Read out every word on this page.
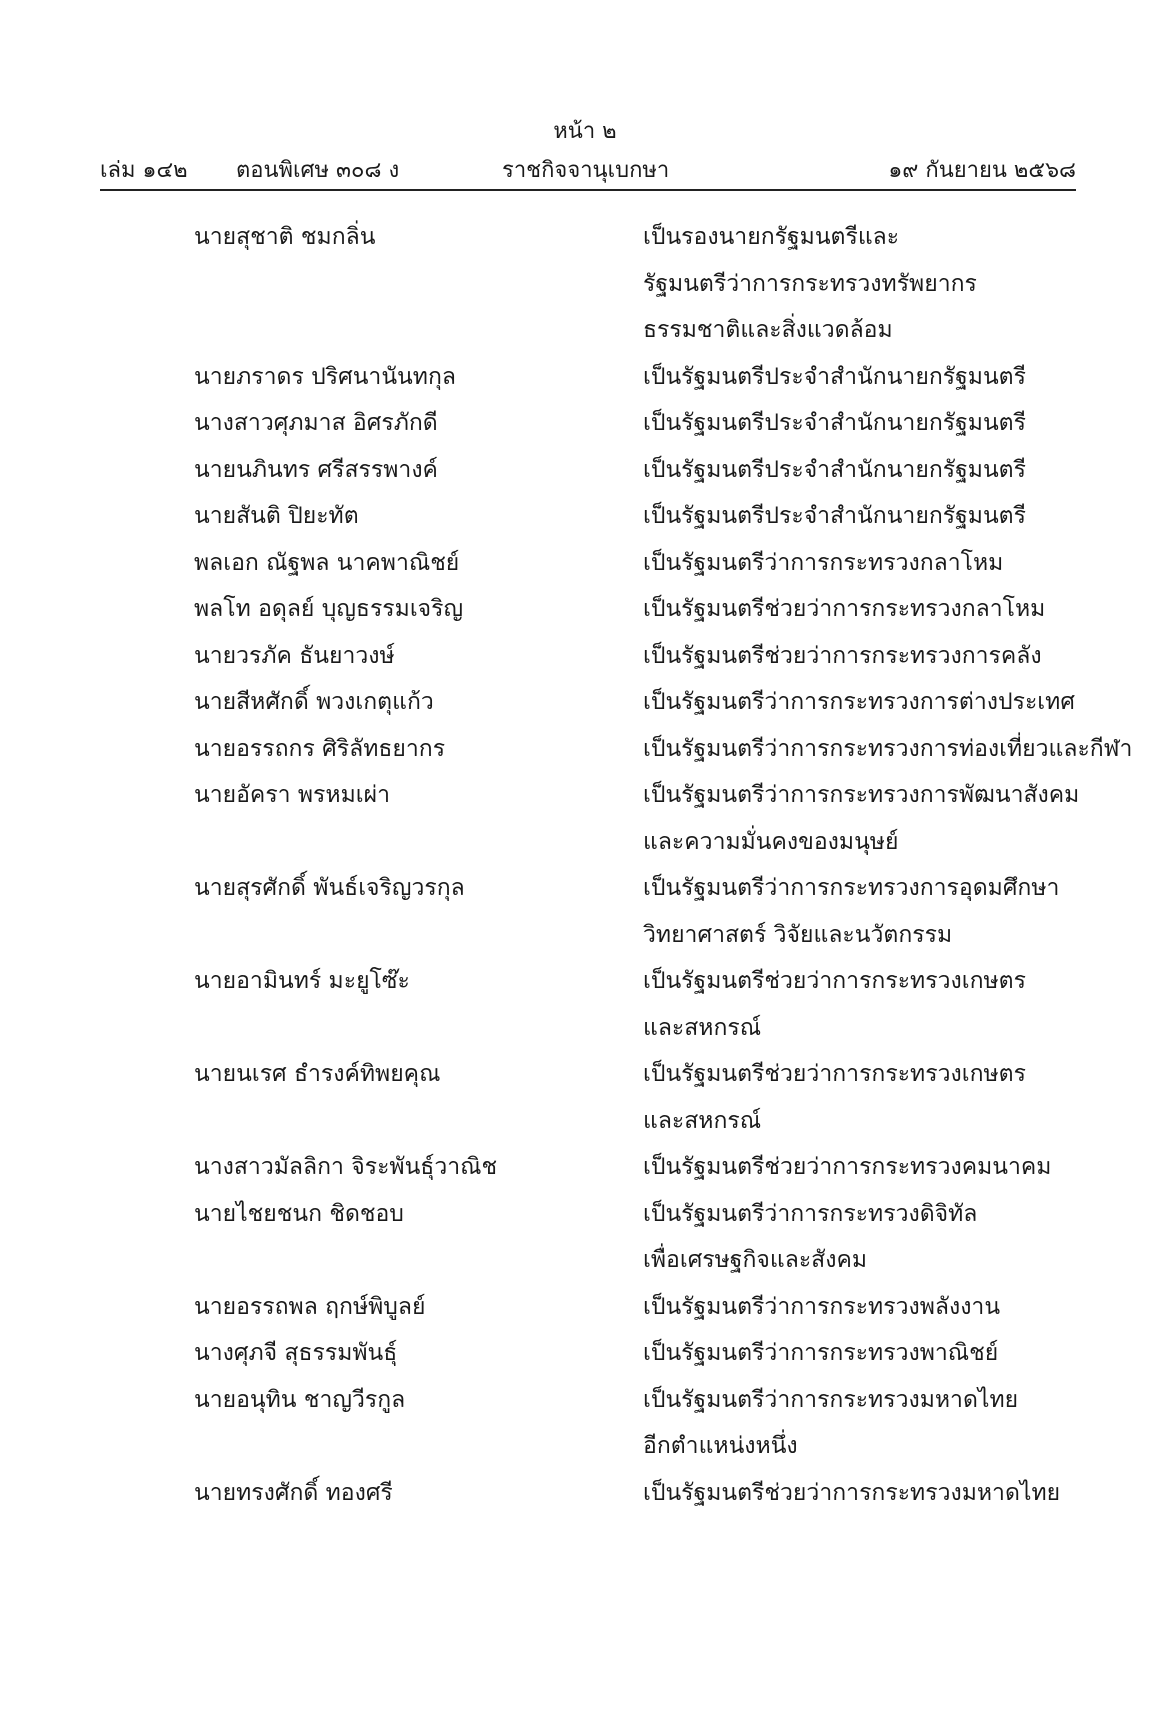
หน้า ๒
เล่ม ๑๔๒ ตอนพิเศษ ๓๐๘ ง	ราชกิจจานุเบกษา	๑๙ กันยายน ๒๕๖๘
นายสุชาติ ชมกลิ่น	เป็นรองนายกรัฐมนตรีและ
รัฐมนตรีว่าการกระทรวงทรัพยากร
ธรรมชาติและสิ่งแวดล้อม
นายภราดร ปริศนานันทกุล	เป็นรัฐมนตรีประจำสำนักนายกรัฐมนตรี
นางสาวศุภมาส อิศรภักดี	เป็นรัฐมนตรีประจำสำนักนายกรัฐมนตรี
นายนภินทร ศรีสรรพางค์	เป็นรัฐมนตรีประจำสำนักนายกรัฐมนตรี
นายสันติ ปิยะทัต	เป็นรัฐมนตรีประจำสำนักนายกรัฐมนตรี
พลเอก ณัฐพล นาคพาณิชย์	เป็นรัฐมนตรีว่าการกระทรวงกลาโหม
พลโท อดุลย์ บุญธรรมเจริญ	เป็นรัฐมนตรีช่วยว่าการกระทรวงกลาโหม
นายวรภัค ธันยาวงษ์	เป็นรัฐมนตรีช่วยว่าการกระทรวงการคลัง
นายสีหศักดิ์ พวงเกตุแก้ว	เป็นรัฐมนตรีว่าการกระทรวงการต่างประเทศ
นายอรรถกร ศิริลัทธยากร	เป็นรัฐมนตรีว่าการกระทรวงการท่องเที่ยวและกีฬา
นายอัครา พรหมเผ่า	เป็นรัฐมนตรีว่าการกระทรวงการพัฒนาสังคม
และความมั่นคงของมนุษย์
นายสุรศักดิ์ พันธ์เจริญวรกุล	เป็นรัฐมนตรีว่าการกระทรวงการอุดมศึกษา
วิทยาศาสตร์ วิจัยและนวัตกรรม
นายอามินทร์ มะยูโซ๊ะ	เป็นรัฐมนตรีช่วยว่าการกระทรวงเกษตร
และสหกรณ์
นายนเรศ ธำรงค์ทิพยคุณ	เป็นรัฐมนตรีช่วยว่าการกระทรวงเกษตร
และสหกรณ์
นางสาวมัลลิกา จิระพันธุ์วาณิช	เป็นรัฐมนตรีช่วยว่าการกระทรวงคมนาคม
นายไชยชนก ชิดชอบ	เป็นรัฐมนตรีว่าการกระทรวงดิจิทัล
เพื่อเศรษฐกิจและสังคม
นายอรรถพล ฤกษ์พิบูลย์	เป็นรัฐมนตรีว่าการกระทรวงพลังงาน
นางศุภจี สุธรรมพันธุ์	เป็นรัฐมนตรีว่าการกระทรวงพาณิชย์
นายอนุทิน ชาญวีรกูล	เป็นรัฐมนตรีว่าการกระทรวงมหาดไทย
อีกตำแหน่งหนึ่ง
นายทรงศักดิ์ ทองศรี	เป็นรัฐมนตรีช่วยว่าการกระทรวงมหาดไทย
